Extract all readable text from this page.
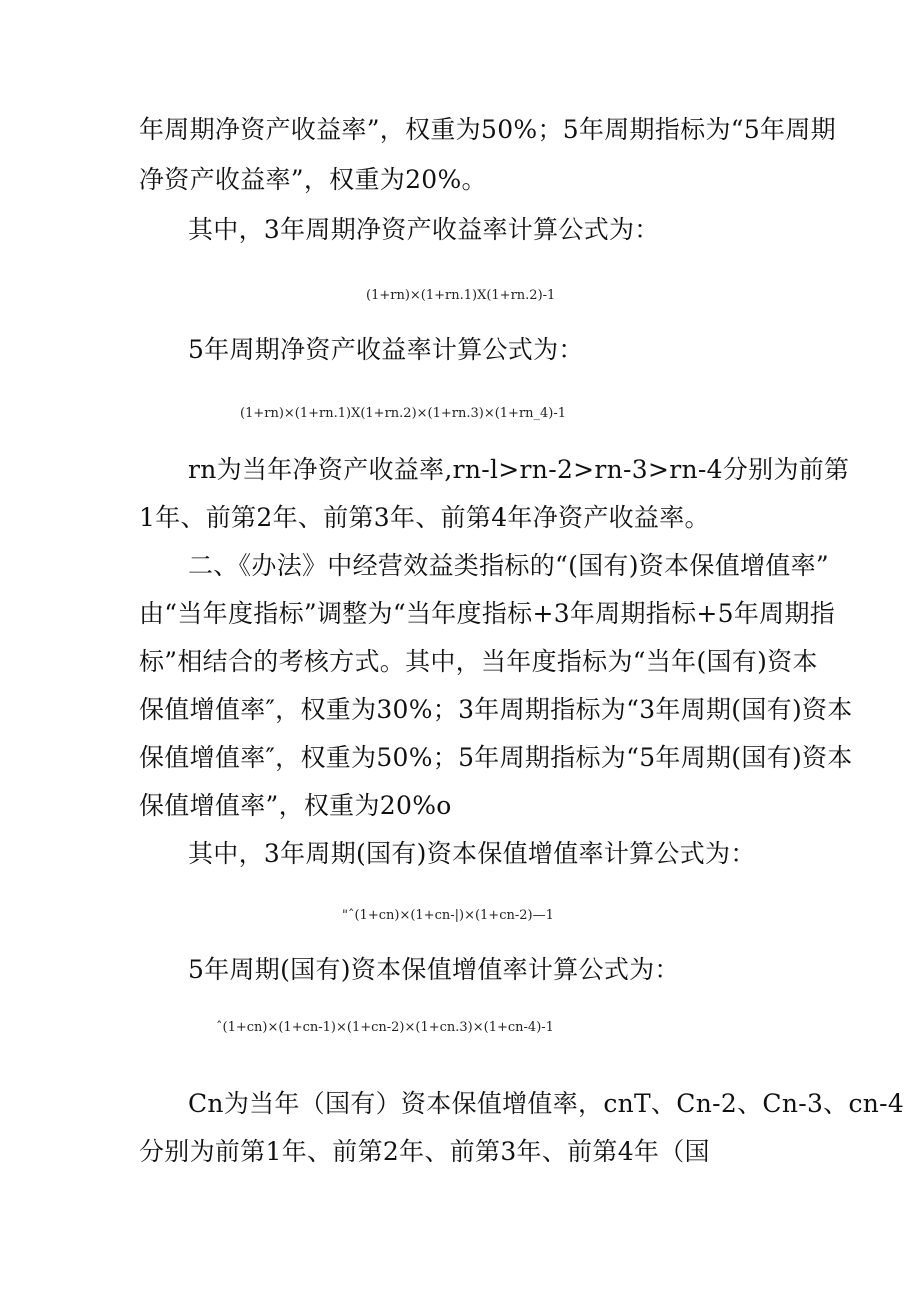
年周期净资产收益率”，权重为50%；5年周期指标为“5年周期
净资产收益率”，权重为20%。
其中，3年周期净资产收益率计算公式为：
(1+rn)×(1+rn.1)X(1+rn.2)-1
5年周期净资产收益率计算公式为：
(1+rn)×(1+rn.1)X(1+rn.2)×(1+rn.3)×(1+rn_4)-1
rn为当年净资产收益率,rn-l>rn-2>rn-3>rn-4分别为前第
1年、前第2年、前第3年、前第4年净资产收益率。
二、《办法》中经营效益类指标的“(国有)资本保值增值率”
由“当年度指标”调整为“当年度指标+3年周期指标+5年周期指
标”相结合的考核方式。其中，当年度指标为“当年(国有)资本
保值增值率″，权重为30%；3年周期指标为“3年周期(国有)资本
保值增值率″，权重为50%；5年周期指标为“5年周期(国有)资本
保值增值率”，权重为20%o
其中，3年周期(国有)资本保值增值率计算公式为：
"ˆ(1+cn)×(1+cn-|)×(1+cn-2)—1
5年周期(国有)资本保值增值率计算公式为：
ˆ(1+cn)×(1+cn-1)×(1+cn-2)×(1+cn.3)×(1+cn-4)-1
Cn为当年（国有）资本保值增值率，cnT、Cn-2、Cn-3、cn-4
分别为前第1年、前第2年、前第3年、前第4年（国
